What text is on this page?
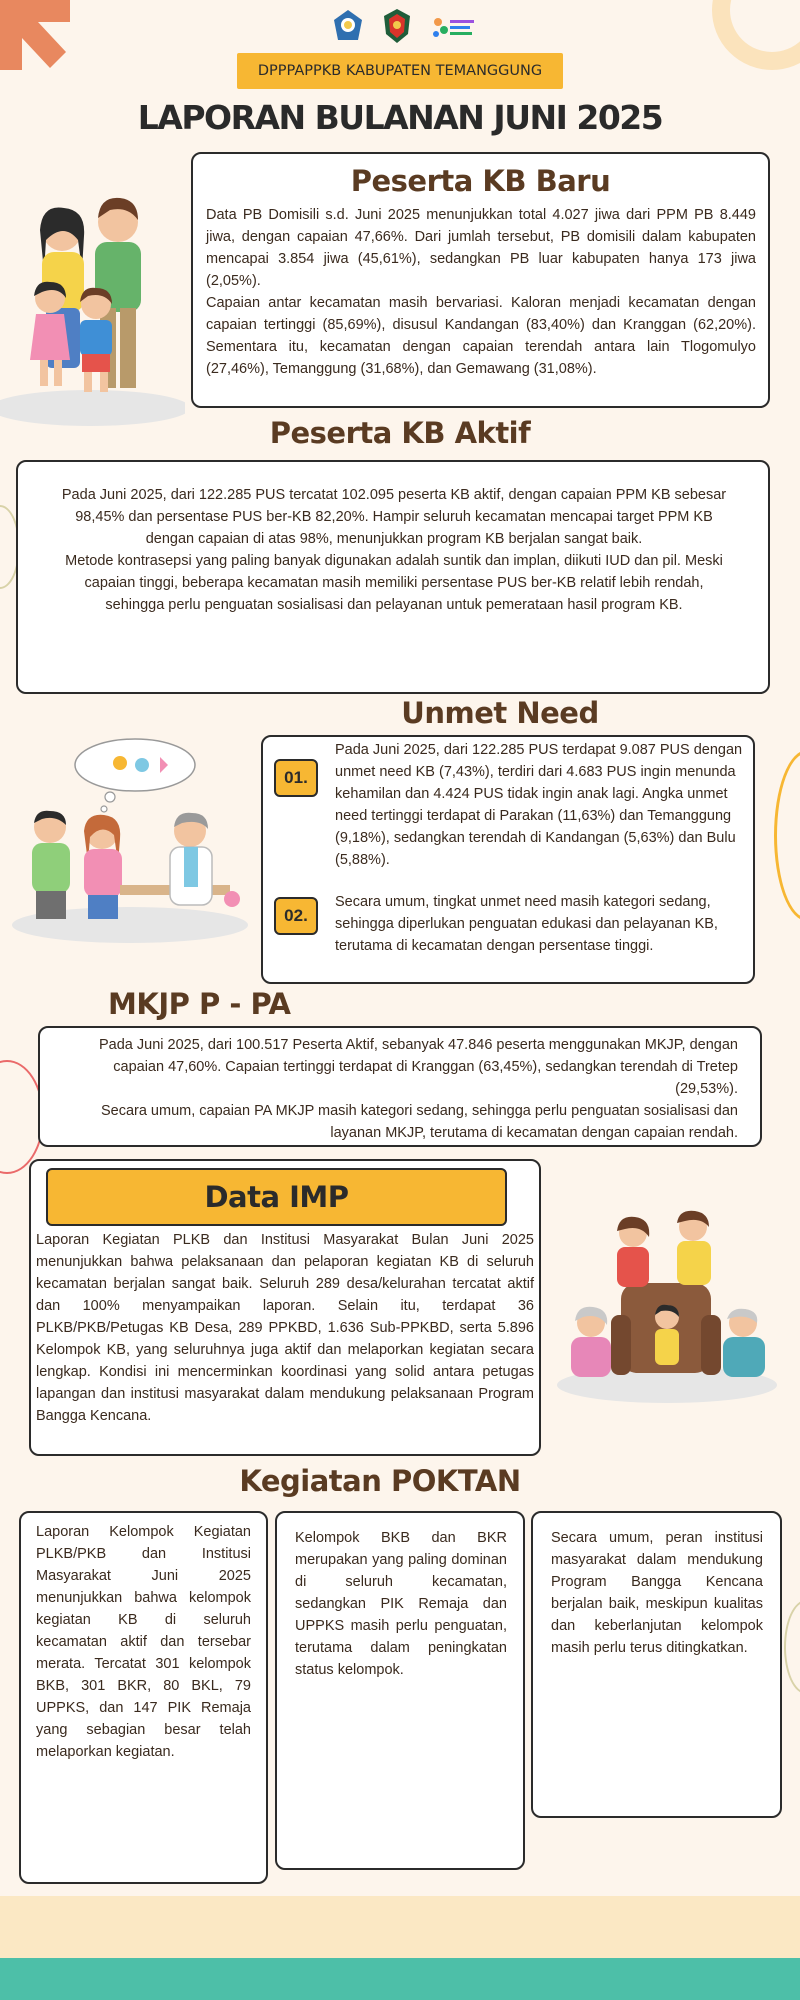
DPPPAPPKB KABUPATEN TEMANGGUNG
LAPORAN BULANAN JUNI 2025
Peserta KB Baru

Data PB Domisili s.d. Juni 2025 menunjukkan total 4.027 jiwa dari PPM PB 8.449 jiwa, dengan capaian 47,66%. Dari jumlah tersebut, PB domisili dalam kabupaten mencapai 3.854 jiwa (45,61%), sedangkan PB luar kabupaten hanya 173 jiwa (2,05%).

Capaian antar kecamatan masih bervariasi. Kaloran menjadi kecamatan dengan capaian tertinggi (85,69%), disusul Kandangan (83,40%) dan Kranggan (62,20%). Sementara itu, kecamatan dengan capaian terendah antara lain Tlogomulyo (27,46%), Temanggung (31,68%), dan Gemawang (31,08%).

Peserta KB Aktif

Pada Juni 2025, dari 122.285 PUS tercatat 102.095 peserta KB aktif, dengan capaian PPM KB sebesar 98,45% dan persentase PUS ber-KB 82,20%. Hampir seluruh kecamatan mencapai target PPM KB dengan capaian di atas 98%, menunjukkan program KB berjalan sangat baik.

Metode kontrasepsi yang paling banyak digunakan adalah suntik dan implan, diikuti IUD dan pil. Meski capaian tinggi, beberapa kecamatan masih memiliki persentase PUS ber-KB relatif lebih rendah, sehingga perlu penguatan sosialisasi dan pelayanan untuk pemerataan hasil program KB.

Unmet Need
01.

Pada Juni 2025, dari 122.285 PUS terdapat 9.087 PUS dengan unmet need KB (7,43%), terdiri dari 4.683 PUS ingin menunda kehamilan dan 4.424 PUS tidak ingin anak lagi. Angka unmet need tertinggi terdapat di Parakan (11,63%) dan Temanggung (9,18%), sedangkan terendah di Kandangan (5,63%) dan Bulu (5,88%).

02.

Secara umum, tingkat unmet need masih kategori sedang, sehingga diperlukan penguatan edukasi dan pelayanan KB, terutama di kecamatan dengan persentase tinggi.

MKJP P - PA

Pada Juni 2025, dari 100.517 Peserta Aktif, sebanyak 47.846 peserta menggunakan MKJP, dengan capaian 47,60%. Capaian tertinggi terdapat di Kranggan (63,45%), sedangkan terendah di Tretep (29,53%).

Secara umum, capaian PA MKJP masih kategori sedang, sehingga perlu penguatan sosialisasi dan layanan MKJP, terutama di kecamatan dengan capaian rendah.

Data IMP

Laporan Kegiatan PLKB dan Institusi Masyarakat Bulan Juni 2025 menunjukkan bahwa pelaksanaan dan pelaporan kegiatan KB di seluruh kecamatan berjalan sangat baik. Seluruh 289 desa/kelurahan tercatat aktif dan 100% menyampaikan laporan. Selain itu, terdapat 36 PLKB/PKB/Petugas KB Desa, 289 PPKBD, 1.636 Sub-PPKBD, serta 5.896 Kelompok KB, yang seluruhnya juga aktif dan melaporkan kegiatan secara lengkap. Kondisi ini mencerminkan koordinasi yang solid antara petugas lapangan dan institusi masyarakat dalam mendukung pelaksanaan Program Bangga Kencana.

Kegiatan POKTAN

Laporan Kelompok Kegiatan PLKB/PKB dan Institusi Masyarakat Juni 2025 menunjukkan bahwa kelompok kegiatan KB di seluruh kecamatan aktif dan tersebar merata. Tercatat 301 kelompok BKB, 301 BKR, 80 BKL, 79 UPPKS, dan 147 PIK Remaja yang sebagian besar telah melaporkan kegiatan.

Kelompok BKB dan BKR merupakan yang paling dominan di seluruh kecamatan, sedangkan PIK Remaja dan UPPKS masih perlu penguatan, terutama dalam peningkatan status kelompok.

Secara umum, peran institusi masyarakat dalam mendukung Program Bangga Kencana berjalan baik, meskipun kualitas dan keberlanjutan kelompok masih perlu terus ditingkatkan.
